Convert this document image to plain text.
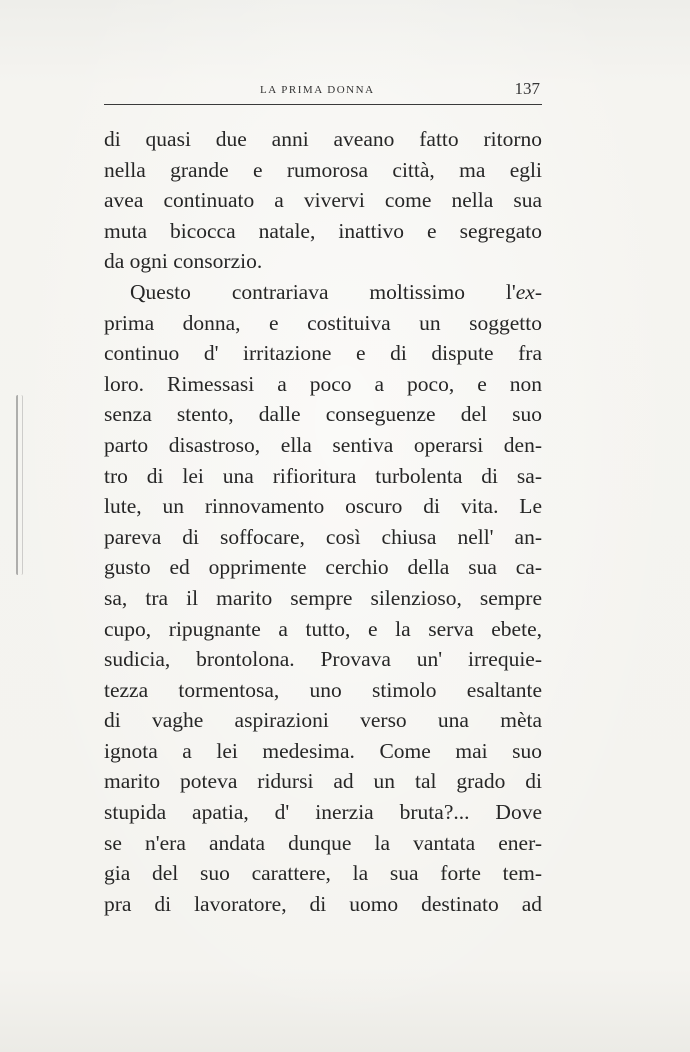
LA PRIMA DONNA	137
di quasi due anni aveano fatto ritorno
nella grande e rumorosa città, ma egli
avea continuato a vivervi come nella sua
muta bicocca natale, inattivo e segregato
da ogni consorzio.
Questo contrariava moltissimo l'ex-
prima donna, e costituiva un soggetto
continuo d' irritazione e di dispute fra
loro. Rimessasi a poco a poco, e non
senza stento, dalle conseguenze del suo
parto disastroso, ella sentiva operarsi den-
tro di lei una rifioritura turbolenta di sa-
lute, un rinnovamento oscuro di vita. Le
pareva di soffocare, così chiusa nell' an-
gusto ed opprimente cerchio della sua ca-
sa, tra il marito sempre silenzioso, sempre
cupo, ripugnante a tutto, e la serva ebete,
sudicia, brontolona. Provava un' irrequie-
tezza tormentosa, uno stimolo esaltante
di vaghe aspirazioni verso una mèta
ignota a lei medesima. Come mai suo
marito poteva ridursi ad un tal grado di
stupida apatia, d' inerzia bruta?... Dove
se n'era andata dunque la vantata ener-
gia del suo carattere, la sua forte tem-
pra di lavoratore, di uomo destinato ad
